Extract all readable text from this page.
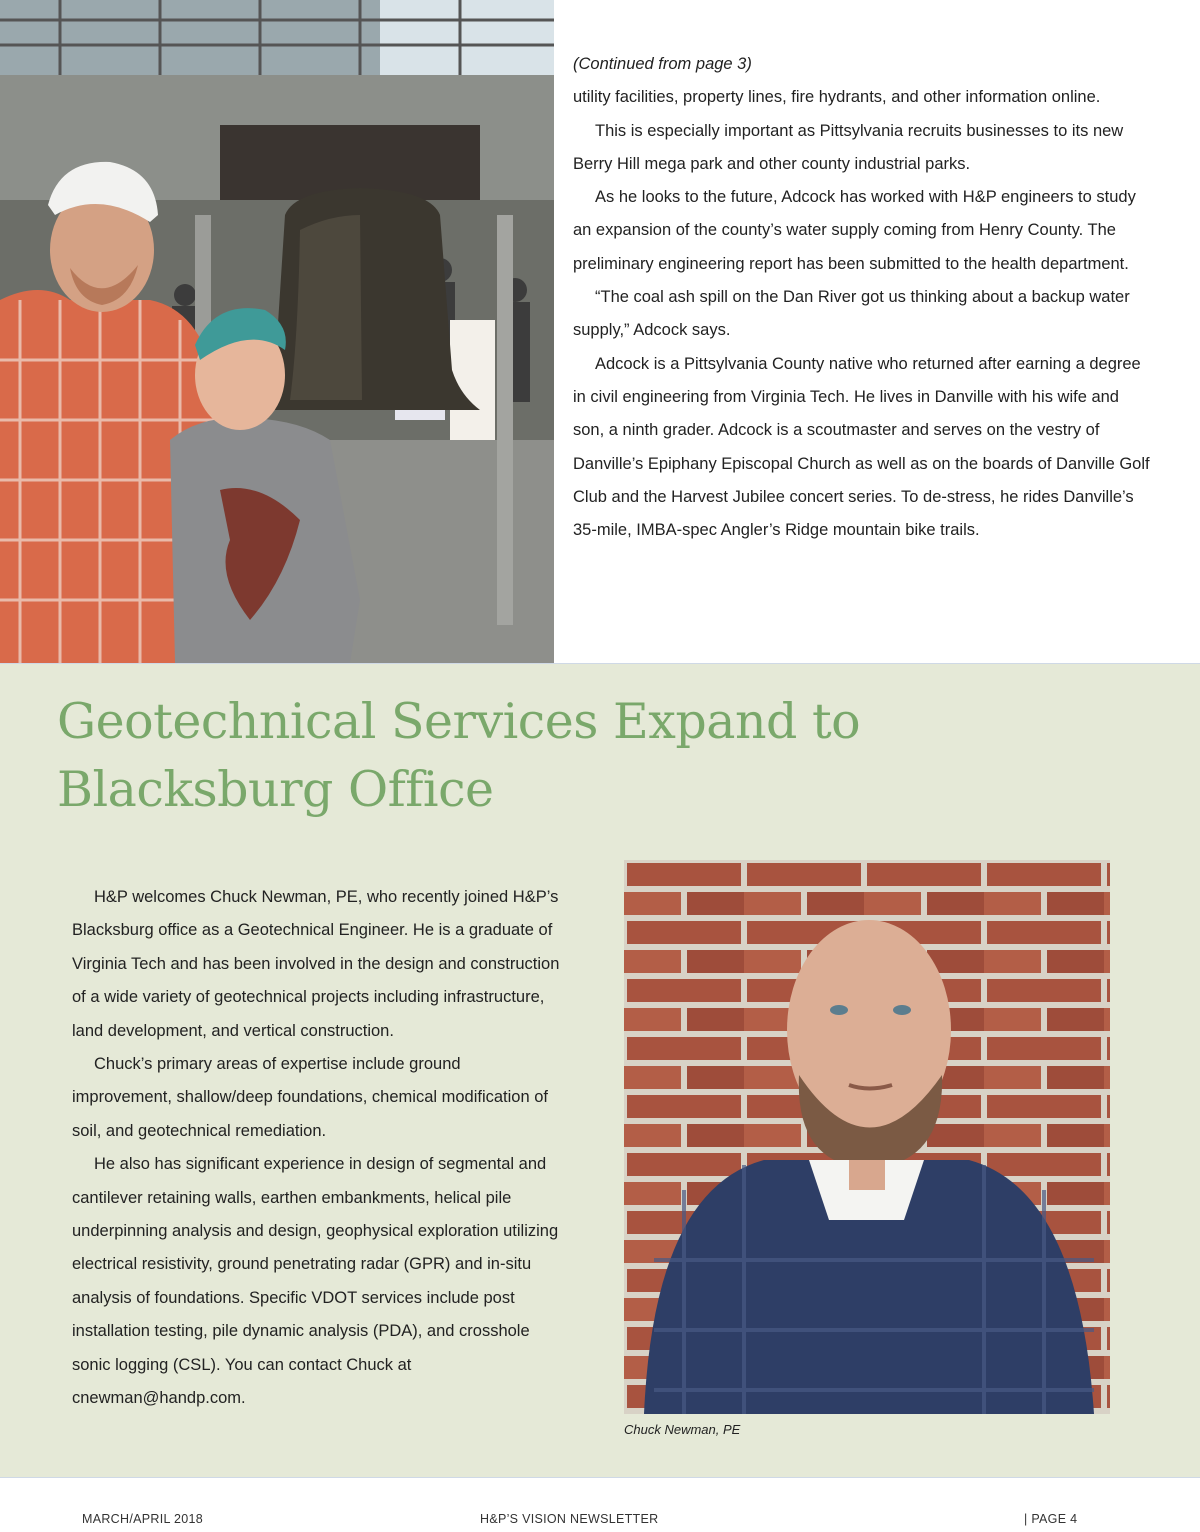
(Continued from page 3)

utility facilities, property lines, fire hydrants, and other information online.

This is especially important as Pittsylvania recruits businesses to its new Berry Hill mega park and other county industrial parks.

As he looks to the future, Adcock has worked with H&P engineers to study an expansion of the county’s water supply coming from Henry County. The preliminary engineering report has been submitted to the health department.

“The coal ash spill on the Dan River got us thinking about a backup water supply,” Adcock says.

Adcock is a Pittsylvania County native who returned after earning a degree in civil engineering from Virginia Tech. He lives in Danville with his wife and son, a ninth grader. Adcock is a scoutmaster and serves on the vestry of Danville’s Epiphany Episcopal Church as well as on the boards of Danville Golf Club and the Harvest Jubilee concert series. To de-stress, he rides Danville’s 35-mile, IMBA-spec Angler’s Ridge mountain bike trails.

Geotechnical Services Expand to
Blacksburg Office

H&P welcomes Chuck Newman, PE, who recently joined H&P’s Blacksburg office as a Geotechnical Engineer. He is a graduate of Virginia Tech and has been involved in the design and construction of a wide variety of geotechnical projects including infrastructure, land development, and vertical construction.

Chuck’s primary areas of expertise include ground improvement, shallow/deep foundations, chemical modification of soil, and geotechnical remediation.

He also has significant experience in design of segmental and cantilever retaining walls, earthen embankments, helical pile underpinning analysis and design, geophysical exploration utilizing electrical resistivity, ground penetrating radar (GPR) and in-situ analysis of foundations. Specific VDOT services include post installation testing, pile dynamic analysis (PDA), and crosshole sonic logging (CSL). You can contact Chuck at cnewman@handp.com.

Chuck Newman, PE
MARCH/APRIL 2018	H&P’S VISION NEWSLETTER	| PAGE 4
